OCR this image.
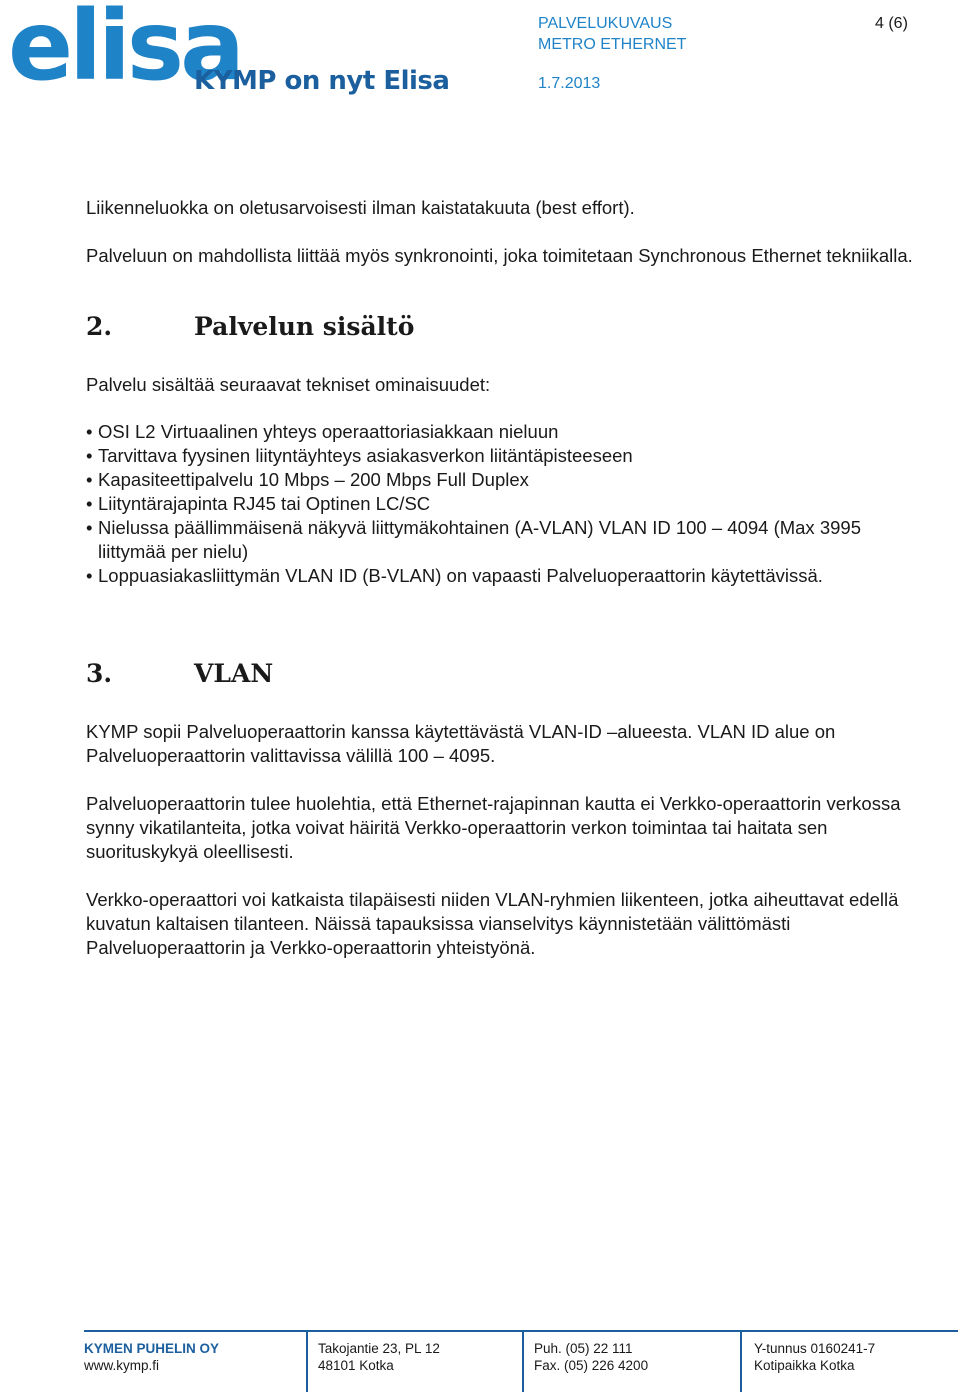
elisa
KYMP on nyt Elisa
PALVELUKUVAUS
METRO ETHERNET
1.7.2013
4 (6)
Liikenneluokka on oletusarvoisesti ilman kaistatakuuta (best effort).
Palveluun on mahdollista liittää myös synkronointi, joka toimitetaan Synchronous Ethernet tekniikalla.
2.	Palvelun sisältö
Palvelu sisältää seuraavat tekniset ominaisuudet:
• OSI L2 Virtuaalinen yhteys operaattoriasiakkaan nieluun
• Tarvittava fyysinen liityntäyhteys asiakasverkon liitäntäpisteeseen
• Kapasiteettipalvelu 10 Mbps – 200 Mbps Full Duplex
• Liityntärajapinta RJ45 tai Optinen LC/SC
• Nielussa päällimmäisenä näkyvä liittymäkohtainen (A-VLAN) VLAN ID 100 – 4094 (Max 3995 liittymää per nielu)
• Loppuasiakasliittymän VLAN ID (B-VLAN) on vapaasti Palveluoperaattorin käytettävissä.
3.	VLAN
KYMP sopii Palveluoperaattorin kanssa käytettävästä VLAN-ID –alueesta. VLAN ID alue on Palveluoperaattorin valittavissa välillä 100 – 4095.
Palveluoperaattorin tulee huolehtia, että Ethernet-rajapinnan kautta ei Verkko-operaattorin verkossa synny vikatilanteita, jotka voivat häiritä Verkko-operaattorin verkon toimintaa tai haitata sen suorituskykyä oleellisesti.
Verkko-operaattori voi katkaista tilapäisesti niiden VLAN-ryhmien liikenteen, jotka aiheuttavat edellä kuvatun kaltaisen tilanteen. Näissä tapauksissa vianselvitys käynnistetään välittömästi Palveluoperaattorin ja Verkko-operaattorin yhteistyönä.
KYMEN PUHELIN OY
www.kymp.fi
Takojantie 23, PL 12
48101 Kotka
Puh. (05) 22 111
Fax. (05) 226 4200
Y-tunnus 0160241-7
Kotipaikka Kotka
